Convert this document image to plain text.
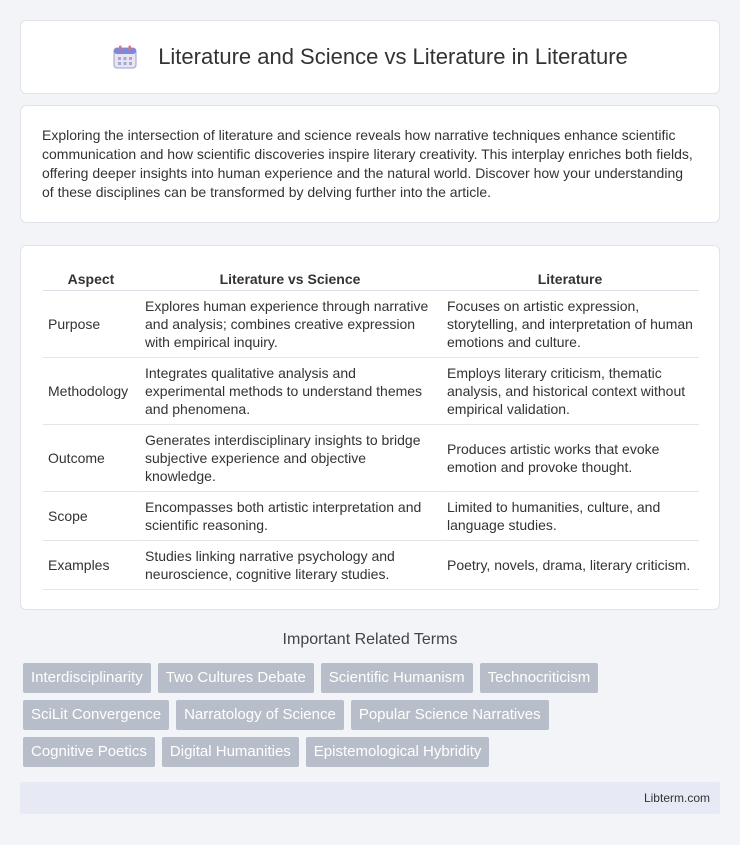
Literature and Science vs Literature in Literature

Exploring the intersection of literature and science reveals how narrative techniques enhance scientific communication and how scientific discoveries inspire literary creativity. This interplay enriches both fields, offering deeper insights into human experience and the natural world. Discover how your understanding of these disciplines can be transformed by delving further into the article.

Aspect	Literature vs Science	Literature
Purpose	Explores human experience through narrative and analysis; combines creative expression with empirical inquiry.	Focuses on artistic expression, storytelling, and interpretation of human emotions and culture.
Methodology	Integrates qualitative analysis and experimental methods to understand themes and phenomena.	Employs literary criticism, thematic analysis, and historical context without empirical validation.
Outcome	Generates interdisciplinary insights to bridge subjective experience and objective knowledge.	Produces artistic works that evoke emotion and provoke thought.
Scope	Encompasses both artistic interpretation and scientific reasoning.	Limited to humanities, culture, and language studies.
Examples	Studies linking narrative psychology and neuroscience, cognitive literary studies.	Poetry, novels, drama, literary criticism.
Important Related Terms
Interdisciplinarity	Two Cultures Debate	Scientific Humanism	Technocriticism
SciLit Convergence	Narratology of Science	Popular Science Narratives
Cognitive Poetics	Digital Humanities	Epistemological Hybridity
Libterm.com
